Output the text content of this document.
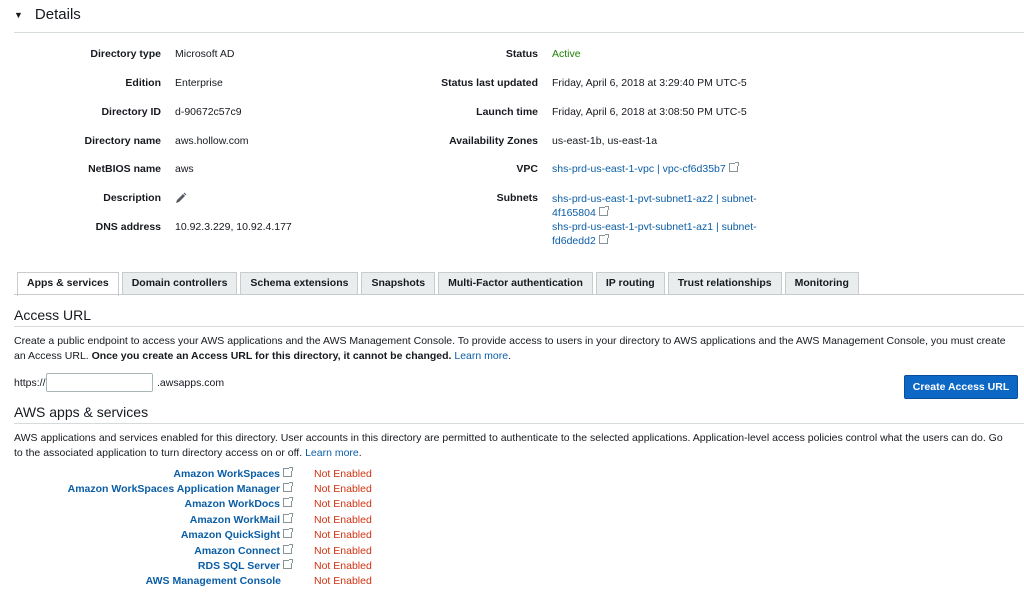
▼ Details
Directory type Microsoft AD
Edition Enterprise
Directory ID d-90672c57c9
Directory name aws.hollow.com
NetBIOS name aws
Description
DNS address 10.92.3.229, 10.92.4.177
Status Active
Status last updated Friday, April 6, 2018 at 3:29:40 PM UTC-5
Launch time Friday, April 6, 2018 at 3:08:50 PM UTC-5
Availability Zones us-east-1b, us-east-1a
VPC shs-prd-us-east-1-vpc | vpc-cf6d35b7
Subnets shs-prd-us-east-1-pvt-subnet1-az2 | subnet-
4f165804
shs-prd-us-east-1-pvt-subnet1-az1 | subnet-
fd6dedd2
Apps & services	Domain controllers	Schema extensions	Snapshots	Multi-Factor authentication	IP routing	Trust relationships	Monitoring
Access URL
Create a public endpoint to access your AWS applications and the AWS Management Console. To provide access to users in your directory to AWS applications and the AWS Management Console, you must create an Access URL. Once you create an Access URL for this directory, it cannot be changed. Learn more.
https://	.awsapps.com	Create Access URL
AWS apps & services
AWS applications and services enabled for this directory. User accounts in this directory are permitted to authenticate to the selected applications. Application-level access policies control what the users can do. Go to the associated application to turn directory access on or off. Learn more.
Amazon WorkSpaces	Not Enabled
Amazon WorkSpaces Application Manager	Not Enabled
Amazon WorkDocs	Not Enabled
Amazon WorkMail	Not Enabled
Amazon QuickSight	Not Enabled
Amazon Connect	Not Enabled
RDS SQL Server	Not Enabled
AWS Management Console	Not Enabled
